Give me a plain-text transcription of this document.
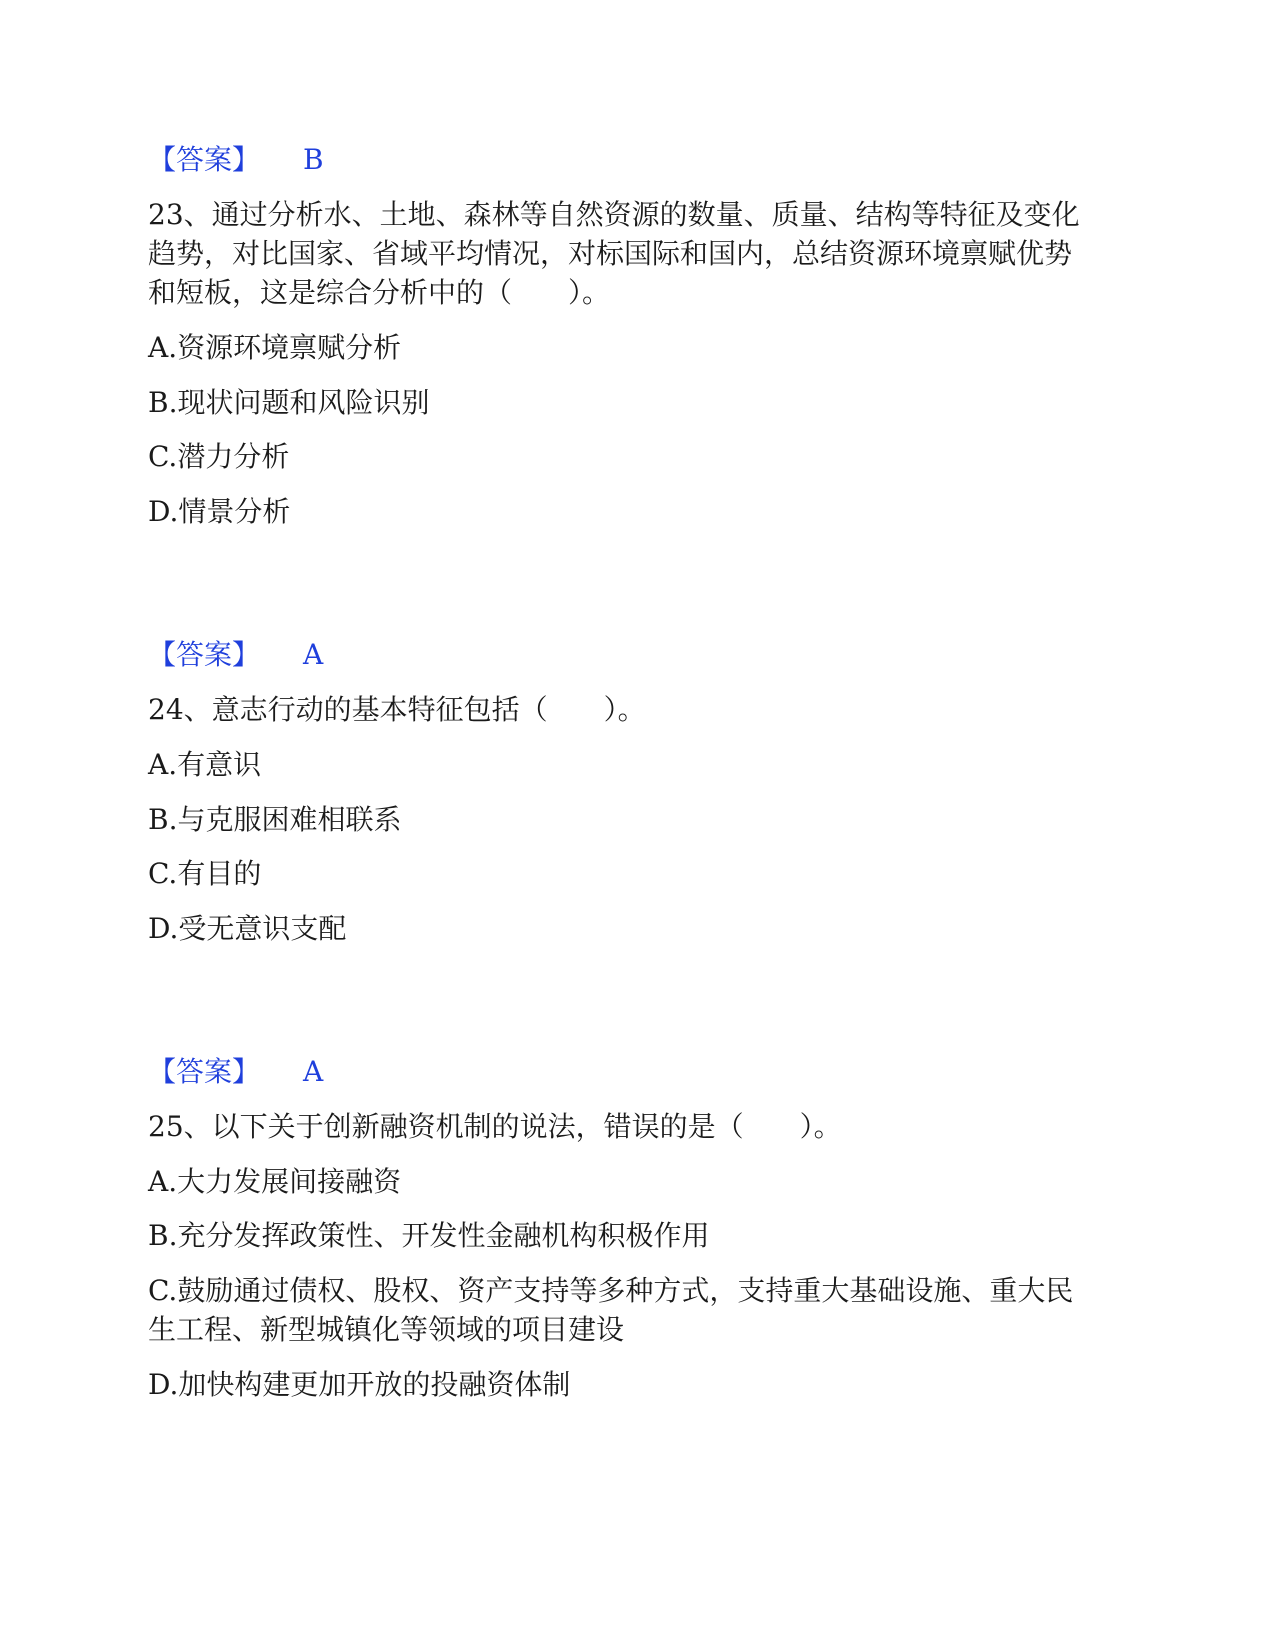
【答案】 B
23、通过分析水、土地、森林等自然资源的数量、质量、结构等特征及变化
趋势，对比国家、省域平均情况，对标国际和国内，总结资源环境禀赋优势
和短板，这是综合分析中的（　　）。
A.资源环境禀赋分析
B.现状问题和风险识别
C.潜力分析
D.情景分析
【答案】 A
24、意志行动的基本特征包括（　　）。
A.有意识
B.与克服困难相联系
C.有目的
D.受无意识支配
【答案】 A
25、以下关于创新融资机制的说法，错误的是（　　）。
A.大力发展间接融资
B.充分发挥政策性、开发性金融机构积极作用
C.鼓励通过债权、股权、资产支持等多种方式，支持重大基础设施、重大民
生工程、新型城镇化等领域的项目建设
D.加快构建更加开放的投融资体制
